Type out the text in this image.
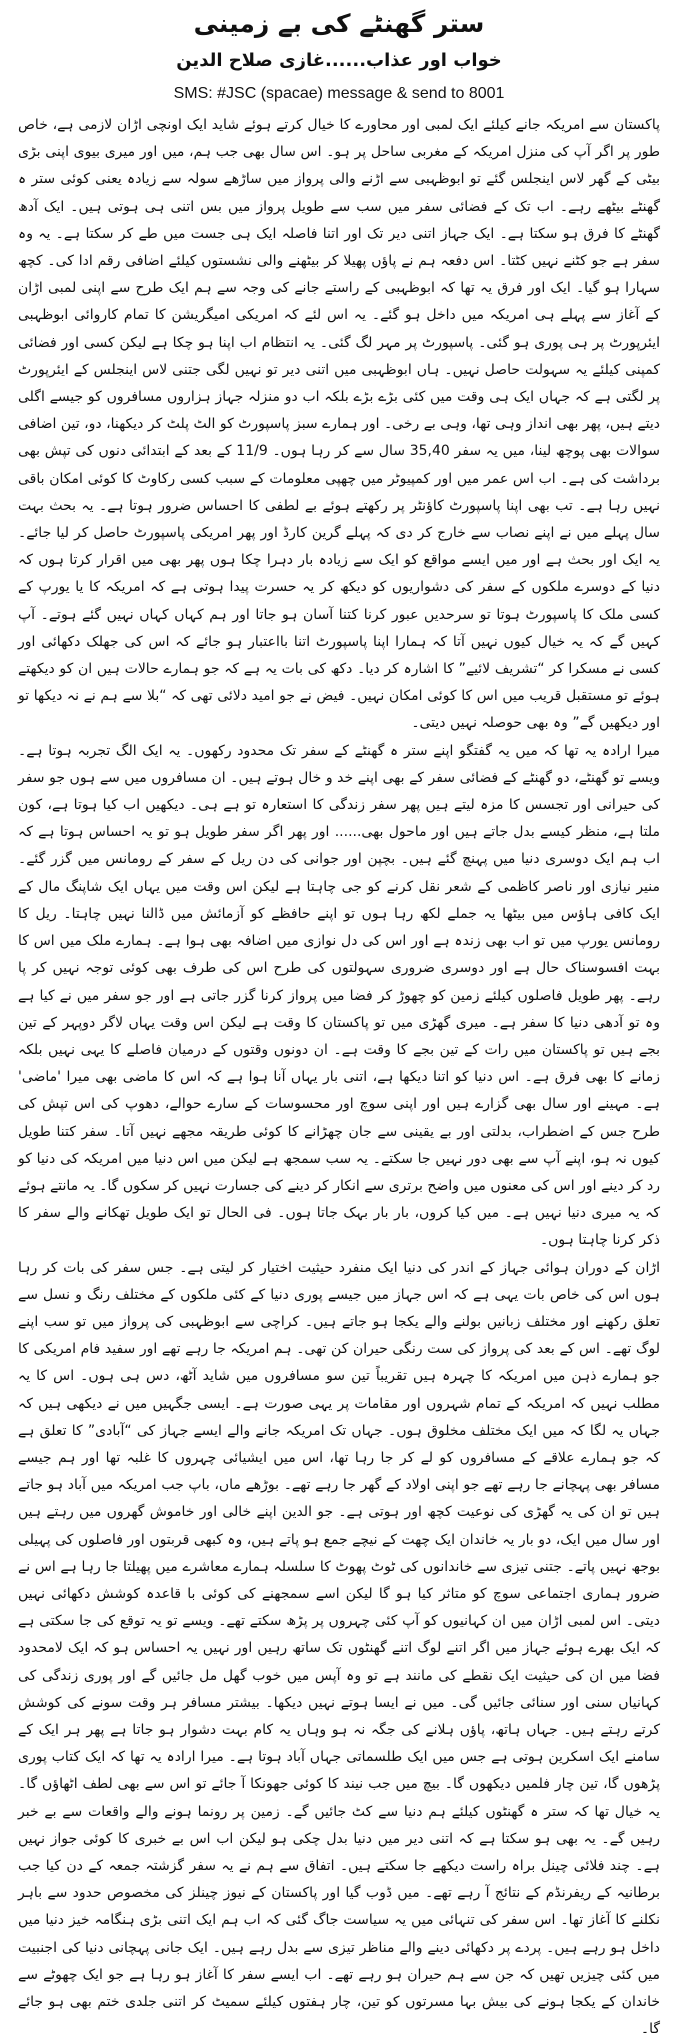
ستر گھنٹے کی بے زمینی
خواب اور عذاب......غازی صلاح الدین
SMS: #JSC (spacae) message & send to 8001

پاکستان سے امریکہ جانے کیلئے ایک لمبی اور محاورے کا خیال کرتے ہوئے شاید ایک اونچی اڑان لازمی ہے، خاص طور پر اگر آپ کی منزل امریکہ کے مغربی ساحل پر ہو۔ اس سال بھی جب ہم، میں اور میری بیوی اپنی بڑی بیٹی کے گھر لاس اینجلس گئے تو ابوظہبی سے اڑنے والی پرواز میں ساڑھے سولہ سے زیادہ یعنی کوئی ستر ہ گھنٹے بیٹھے رہے۔ اب تک کے فضائی سفر میں سب سے طویل پرواز میں بس اتنی ہی ہوتی ہیں۔ ایک آدھ گھنٹے کا فرق ہو سکتا ہے۔ ایک جہاز اتنی دیر تک اور اتنا فاصلہ ایک ہی جست میں طے کر سکتا ہے۔ یہ وہ سفر ہے جو کٹنے نہیں کٹتا۔ اس دفعہ ہم نے پاؤں پھیلا کر بیٹھنے والی نشستوں کیلئے اضافی رقم ادا کی۔ کچھ سہارا ہو گیا۔ ایک اور فرق یہ تھا کہ ابوظہبی کے راستے جانے کی وجہ سے ہم ایک طرح سے اپنی لمبی اڑان کے آغاز سے پہلے ہی امریکہ میں داخل ہو گئے۔ یہ اس لئے کہ امریکی امیگریشن کا تمام کاروائی ابوظہبی ایئرپورٹ پر ہی پوری ہو گئی۔ پاسپورٹ پر مہر لگ گئی۔ یہ انتظام اب اپنا ہو چکا ہے لیکن کسی اور فضائی کمپنی کیلئے یہ سہولت حاصل نہیں۔ ہاں ابوظہبی میں اتنی دیر تو نہیں لگی جتنی لاس اینجلس کے ایئرپورٹ پر لگتی ہے کہ جہاں ایک ہی وقت میں کئی بڑے بڑے بلکہ اب دو منزلہ جہاز ہزاروں مسافروں کو جیسے اگلی دیتے ہیں، پھر بھی انداز وہی تھا، وہی بے رخی۔ اور ہمارے سبز پاسپورٹ کو الٹ پلٹ کر دیکھنا، دو، تین اضافی سوالات بھی پوچھ لینا، میں یہ سفر 35,40 سال سے کر رہا ہوں۔ 11/9 کے بعد کے ابتدائی دنوں کی تپش بھی برداشت کی ہے۔ اب اس عمر میں اور کمپیوٹر میں چھپی معلومات کے سبب کسی رکاوٹ کا کوئی امکان باقی نہیں رہا ہے۔ تب بھی اپنا پاسپورٹ کاؤنٹر پر رکھتے ہوئے بے لطفی کا احساس ضرور ہوتا ہے۔ یہ بحث بہت سال پہلے میں نے اپنے نصاب سے خارج کر دی کہ پہلے گرین کارڈ اور پھر امریکی پاسپورٹ حاصل کر لیا جائے۔ یہ ایک اور بحث ہے اور میں ایسے مواقع کو ایک سے زیادہ بار دہرا چکا ہوں پھر بھی میں اقرار کرتا ہوں کہ دنیا کے دوسرے ملکوں کے سفر کی دشواریوں کو دیکھ کر یہ حسرت پیدا ہوتی ہے کہ امریکہ کا یا یورپ کے کسی ملک کا پاسپورٹ ہوتا تو سرحدیں عبور کرنا کتنا آسان ہو جاتا اور ہم کہاں کہاں نہیں گئے ہوتے۔ آپ کہیں گے کہ یہ خیال کیوں نہیں آتا کہ ہمارا اپنا پاسپورٹ اتنا بااعتبار ہو جائے کہ اس کی جھلک دکھائی اور کسی نے مسکرا کر “تشریف لائیے” کا اشارہ کر دیا۔ دکھ کی بات یہ ہے کہ جو ہمارے حالات ہیں ان کو دیکھتے ہوئے تو مستقبل قریب میں اس کا کوئی امکان نہیں۔ فیض نے جو امید دلائی تھی کہ “بلا سے ہم نے نہ دیکھا تو اور دیکھیں گے” وہ بھی حوصلہ نہیں دیتی۔

میرا ارادہ یہ تھا کہ میں یہ گفتگو اپنے ستر ہ گھنٹے کے سفر تک محدود رکھوں۔ یہ ایک الگ تجربہ ہوتا ہے۔ ویسے تو گھنٹے، دو گھنٹے کے فضائی سفر کے بھی اپنے خد و خال ہوتے ہیں۔ ان مسافروں میں سے ہوں جو سفر کی حیرانی اور تجسس کا مزہ لیتے ہیں پھر سفر زندگی کا استعارہ تو ہے ہی۔ دیکھیں اب کیا ہوتا ہے، کون ملتا ہے، منظر کیسے بدل جاتے ہیں اور ماحول بھی...... اور پھر اگر سفر طویل ہو تو یہ احساس ہوتا ہے کہ اب ہم ایک دوسری دنیا میں پہنچ گئے ہیں۔ بچپن اور جوانی کی دن ریل کے سفر کے رومانس میں گزر گئے۔ منیر نیازی اور ناصر کاظمی کے شعر نقل کرنے کو جی چاہتا ہے لیکن اس وقت میں یہاں ایک شاپنگ مال کے ایک کافی ہاؤس میں بیٹھا یہ جملے لکھ رہا ہوں تو اپنے حافظے کو آزمائش میں ڈالنا نہیں چاہتا۔ ریل کا رومانس یورپ میں تو اب بھی زندہ ہے اور اس کی دل نوازی میں اضافہ بھی ہوا ہے۔ ہمارے ملک میں اس کا بہت افسوسناک حال ہے اور دوسری ضروری سہولتوں کی طرح اس کی طرف بھی کوئی توجہ نہیں کر پا رہے۔ پھر طویل فاصلوں کیلئے زمین کو چھوڑ کر فضا میں پرواز کرنا گزر جاتی ہے اور جو سفر میں نے کیا ہے وہ تو آدھی دنیا کا سفر ہے۔ میری گھڑی میں تو پاکستان کا وقت ہے لیکن اس وقت یہاں لاگر دوپہر کے تین بجے ہیں تو پاکستان میں رات کے تین بجے کا وقت ہے۔ ان دونوں وقتوں کے درمیان فاصلے کا یہی نہیں بلکہ زمانے کا بھی فرق ہے۔ اس دنیا کو اتنا دیکھا ہے، اتنی بار یہاں آنا ہوا ہے کہ اس کا ماضی بھی میرا 'ماضی' ہے۔ مہینے اور سال بھی گزارے ہیں اور اپنی سوچ اور محسوسات کے سارے حوالے، دھوپ کی اس تپش کی طرح جس کے اضطراب، بدلتی اور بے یقینی سے جان چھڑانے کا کوئی طریقہ مجھے نہیں آتا۔ سفر کتنا طویل کیوں نہ ہو، اپنے آپ سے بھی دور نہیں جا سکتے۔ یہ سب سمجھ ہے لیکن میں اس دنیا میں امریکہ کی دنیا کو رد کر دینے اور اس کی معنوں میں واضح برتری سے انکار کر دینے کی جسارت نہیں کر سکوں گا۔ یہ مانتے ہوئے کہ یہ میری دنیا نہیں ہے۔ میں کیا کروں، بار بار بہک جاتا ہوں۔ فی الحال تو ایک طویل تھکانے والے سفر کا ذکر کرنا چاہتا ہوں۔

اڑان کے دوران ہوائی جہاز کے اندر کی دنیا ایک منفرد حیثیت اختیار کر لیتی ہے۔ جس سفر کی بات کر رہا ہوں اس کی خاص بات یہی ہے کہ اس جہاز میں جیسے پوری دنیا کے کئی ملکوں کے مختلف رنگ و نسل سے تعلق رکھنے اور مختلف زبانیں بولنے والے یکجا ہو جاتے ہیں۔ کراچی سے ابوظہبی کی پرواز میں تو سب اپنے لوگ تھے۔ اس کے بعد کی پرواز کی ست رنگی حیران کن تھی۔ ہم امریکہ جا رہے تھے اور سفید فام امریکی کا جو ہمارے ذہن میں امریکہ کا چہرہ ہیں تقریباً تین سو مسافروں میں شاید آٹھ، دس ہی ہوں۔ اس کا یہ مطلب نہیں کہ امریکہ کے تمام شہروں اور مقامات پر یہی صورت ہے۔ ایسی جگہیں میں نے دیکھی ہیں کہ جہاں یہ لگا کہ میں ایک مختلف مخلوق ہوں۔ جہاں تک امریکہ جانے والے ایسے جہاز کی “آبادی” کا تعلق ہے کہ جو ہمارے علاقے کے مسافروں کو لے کر جا رہا تھا، اس میں ایشیائی چہروں کا غلبہ تھا اور ہم جیسے مسافر بھی پہچانے جا رہے تھے جو اپنی اولاد کے گھر جا رہے تھے۔ بوڑھے ماں، باپ جب امریکہ میں آباد ہو جاتے ہیں تو ان کی یہ گھڑی کی نوعیت کچھ اور ہوتی ہے۔ جو الدین اپنے خالی اور خاموش گھروں میں رہتے ہیں اور سال میں ایک، دو بار یہ خاندان ایک چھت کے نیچے جمع ہو پاتے ہیں، وہ کبھی قربتوں اور فاصلوں کی پہیلی بوجھ نہیں پاتے۔ جتنی تیزی سے خاندانوں کی ٹوٹ پھوٹ کا سلسلہ ہمارے معاشرے میں پھیلتا جا رہا ہے اس نے ضرور ہماری اجتماعی سوچ کو متاثر کیا ہو گا لیکن اسے سمجھنے کی کوئی با قاعدہ کوشش دکھائی نہیں دیتی۔ اس لمبی اڑان میں ان کہانیوں کو آپ کئی چہروں پر پڑھ سکتے تھے۔ ویسے تو یہ توقع کی جا سکتی ہے کہ ایک بھرے ہوئے جہاز میں اگر اتنے لوگ اتنے گھنٹوں تک ساتھ رہیں اور نہیں یہ احساس ہو کہ ایک لامحدود فضا میں ان کی حیثیت ایک نقطے کی مانند ہے تو وہ آپس میں خوب گھل مل جائیں گے اور پوری زندگی کی کہانیاں سنی اور سنائی جائیں گی۔ میں نے ایسا ہوتے نہیں دیکھا۔ بیشتر مسافر ہر وقت سونے کی کوشش کرتے رہتے ہیں۔ جہاں ہاتھ، پاؤں ہلانے کی جگہ نہ ہو وہاں یہ کام بہت دشوار ہو جاتا ہے پھر ہر ایک کے سامنے ایک اسکرین ہوتی ہے جس میں ایک طلسماتی جہاں آباد ہوتا ہے۔ میرا ارادہ یہ تھا کہ ایک کتاب پوری پڑھوں گا، تین چار فلمیں دیکھوں گا۔ بیچ میں جب نیند کا کوئی جھونکا آ جائے تو اس سے بھی لطف اٹھاؤں گا۔ یہ خیال تھا کہ ستر ہ گھنٹوں کیلئے ہم دنیا سے کٹ جائیں گے۔ زمین پر رونما ہونے والے واقعات سے بے خبر رہیں گے۔ یہ بھی ہو سکتا ہے کہ اتنی دیر میں دنیا بدل چکی ہو لیکن اب اس بے خبری کا کوئی جواز نہیں ہے۔ چند فلائی چینل براہ راست دیکھے جا سکتے ہیں۔ اتفاق سے ہم نے یہ سفر گزشتہ جمعہ کے دن کیا جب برطانیہ کے ریفرنڈم کے نتائج آ رہے تھے۔ میں ڈوب گیا اور پاکستان کے نیوز چینلز کی مخصوص حدود سے باہر نکلنے کا آغاز تھا۔ اس سفر کی تنہائی میں یہ سیاست جاگ گئی کہ اب ہم ایک اتنی بڑی ہنگامہ خیز دنیا میں داخل ہو رہے ہیں۔ پردے پر دکھائی دینے والے مناظر تیزی سے بدل رہے ہیں۔ ایک جانی پہچانی دنیا کی اجنبیت میں کئی چیزیں تھیں کہ جن سے ہم حیران ہو رہے تھے۔ اب ایسے سفر کا آغاز ہو رہا ہے جو ایک چھوٹے سے خاندان کے یکجا ہونے کی بیش بہا مسرتوں کو تین، چار ہفتوں کیلئے سمیٹ کر اتنی جلدی ختم بھی ہو جائے گا۔
